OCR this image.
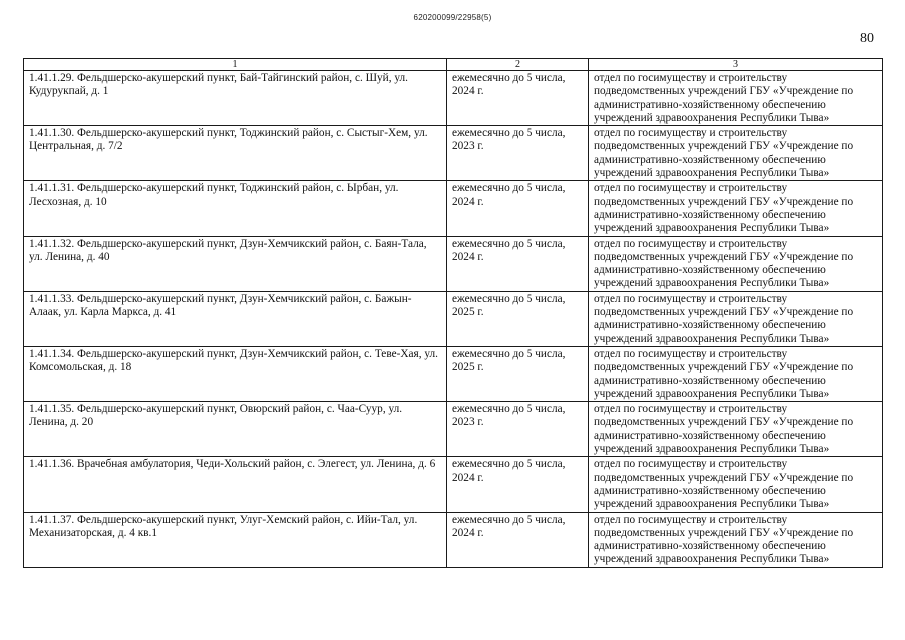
620200099/22958(5)
80
1	2	3
1.41.1.29. Фельдшерско-акушерский пункт, Бай-Тайгинский район, с. Шуй, ул. Кудурукпай, д. 1	ежемесячно до 5 числа, 2024 г.	отдел по госимуществу и строительству подведомственных учреждений ГБУ «Учреждение по административно-хозяйственному обеспечению учреждений здравоохранения Республики Тыва»
1.41.1.30. Фельдшерско-акушерский пункт, Тоджинский район, с. Сыстыг-Хем, ул. Центральная, д. 7/2	ежемесячно до 5 числа, 2023 г.	отдел по госимуществу и строительству подведомственных учреждений ГБУ «Учреждение по административно-хозяйственному обеспечению учреждений здравоохранения Республики Тыва»
1.41.1.31. Фельдшерско-акушерский пункт, Тоджинский район, с. Ырбан, ул. Лесхозная, д. 10	ежемесячно до 5 числа, 2024 г.	отдел по госимуществу и строительству подведомственных учреждений ГБУ «Учреждение по административно-хозяйственному обеспечению учреждений здравоохранения Республики Тыва»
1.41.1.32. Фельдшерско-акушерский пункт, Дзун-Хемчикский район, с. Баян-Тала, ул. Ленина, д. 40	ежемесячно до 5 числа, 2024 г.	отдел по госимуществу и строительству подведомственных учреждений ГБУ «Учреждение по административно-хозяйственному обеспечению учреждений здравоохранения Республики Тыва»
1.41.1.33. Фельдшерско-акушерский пункт, Дзун-Хемчикский район, с. Бажын-Алаак, ул. Карла Маркса, д. 41	ежемесячно до 5 числа, 2025 г.	отдел по госимуществу и строительству подведомственных учреждений ГБУ «Учреждение по административно-хозяйственному обеспечению учреждений здравоохранения Республики Тыва»
1.41.1.34. Фельдшерско-акушерский пункт, Дзун-Хемчикский район, с. Теве-Хая, ул. Комсомольская, д. 18	ежемесячно до 5 числа, 2025 г.	отдел по госимуществу и строительству подведомственных учреждений ГБУ «Учреждение по административно-хозяйственному обеспечению учреждений здравоохранения Республики Тыва»
1.41.1.35. Фельдшерско-акушерский пункт, Овюрский район, с. Чаа-Суур, ул. Ленина, д. 20	ежемесячно до 5 числа, 2023 г.	отдел по госимуществу и строительству подведомственных учреждений ГБУ «Учреждение по административно-хозяйственному обеспечению учреждений здравоохранения Республики Тыва»
1.41.1.36. Врачебная амбулатория, Чеди-Хольский район, с. Элегест, ул. Ленина, д. 6	ежемесячно до 5 числа, 2024 г.	отдел по госимуществу и строительству подведомственных учреждений ГБУ «Учреждение по административно-хозяйственному обеспечению учреждений здравоохранения Республики Тыва»
1.41.1.37. Фельдшерско-акушерский пункт, Улуг-Хемский район, с. Ийи-Тал, ул. Механизаторская, д. 4 кв.1	ежемесячно до 5 числа, 2024 г.	отдел по госимуществу и строительству подведомственных учреждений ГБУ «Учреждение по административно-хозяйственному обеспечению учреждений здравоохранения Республики Тыва»
